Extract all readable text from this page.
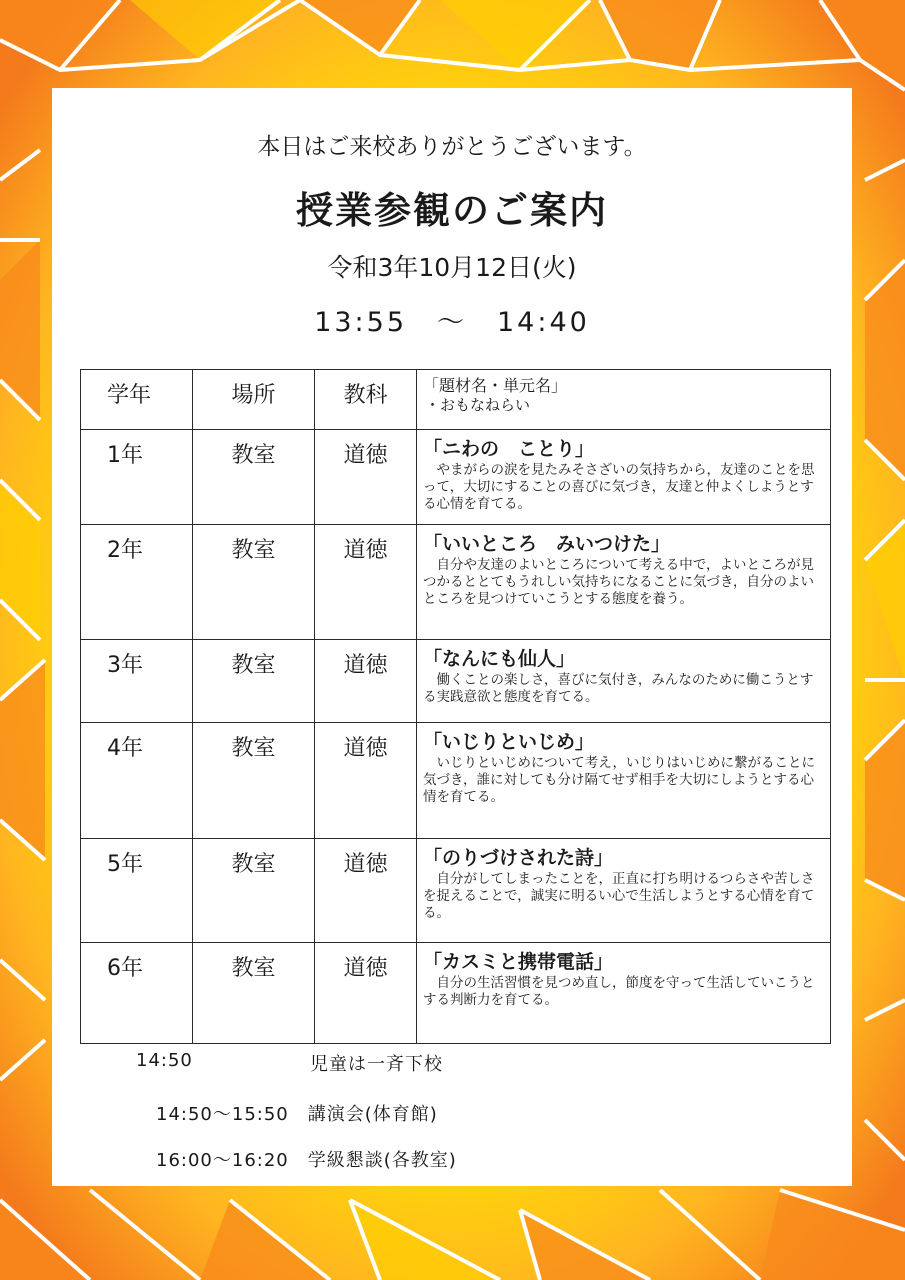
本日はご来校ありがとうございます。
授業参観のご案内
令和3年10月12日(火)
13:55　～　14:40
学年	場所	教科	「題材名・単元名」
・おもなねらい

1年	教室	道徳	「ニわの　ことり」
やまがらの涙を見たみそさざいの気持ちから，友達のことを思って，大切にすることの喜びに気づき，友達と仲よくしようとする心情を育てる。

2年	教室	道徳	「いいところ　みいつけた」
自分や友達のよいところについて考える中で，よいところが見つかるととてもうれしい気持ちになることに気づき，自分のよいところを見つけていこうとする態度を養う。

3年	教室	道徳	「なんにも仙人」
働くことの楽しさ，喜びに気付き，みんなのために働こうとする実践意欲と態度を育てる。

4年	教室	道徳	「いじりといじめ」
いじりといじめについて考え，いじりはいじめに繋がることに気づき，誰に対しても分け隔てせず相手を大切にしようとする心情を育てる。

5年	教室	道徳	「のりづけされた詩」
自分がしてしまったことを，正直に打ち明けるつらさや苦しさを捉えることで，誠実に明るい心で生活しようとする心情を育てる。

6年	教室	道徳	「カスミと携帯電話」
自分の生活習慣を見つめ直し，節度を守って生活していこうとする判断力を育てる。
14:50	児童は一斉下校
14:50～15:50　講演会(体育館)
16:00～16:20　学級懇談(各教室)
